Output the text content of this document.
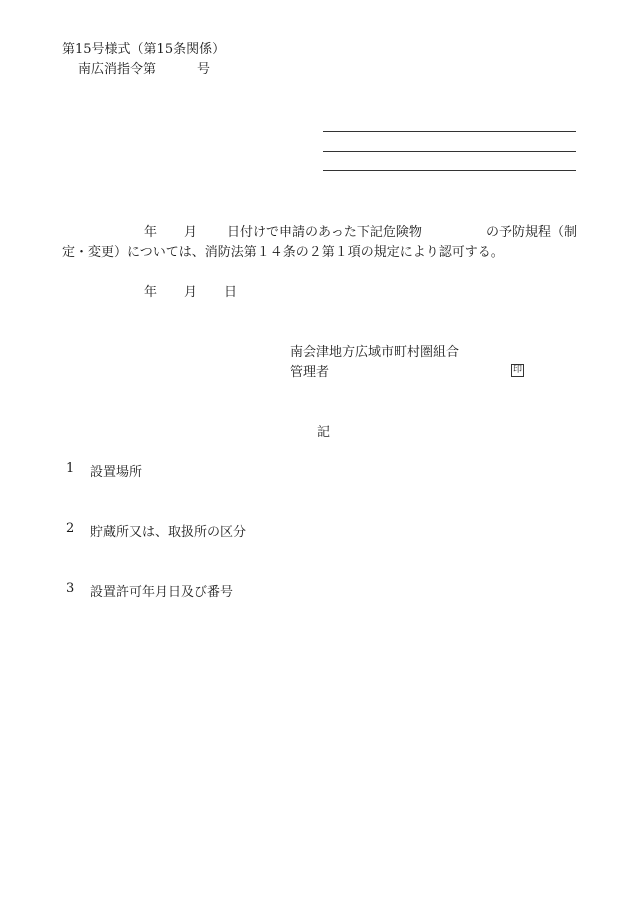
第15号様式（第15条関係）
南広消指令第	号
年 月 日付けで申請のあった下記危険物	の予防規程（制
定・変更）については、消防法第１４条の２第１項の規定により認可する。
年 月 日
南会津地方広域市町村圏組合
管理者	印
記
1 設置場所
2 貯蔵所又は、取扱所の区分
3 設置許可年月日及び番号
